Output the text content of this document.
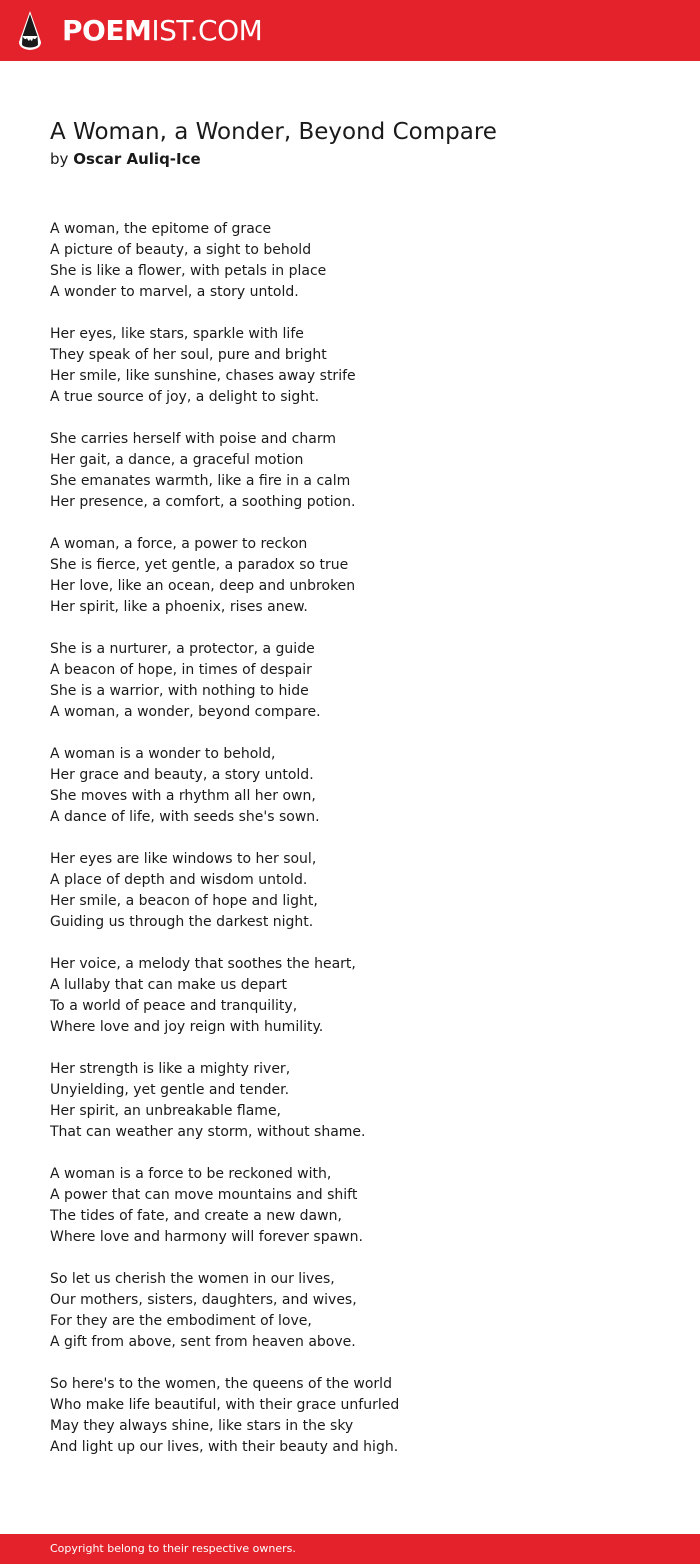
POEMIST.COM
A Woman, a Wonder, Beyond Compare
by Oscar Auliq-Ice
A woman, the epitome of grace
A picture of beauty, a sight to behold
She is like a flower, with petals in place
A wonder to marvel, a story untold.
Her eyes, like stars, sparkle with life
They speak of her soul, pure and bright
Her smile, like sunshine, chases away strife
A true source of joy, a delight to sight.
She carries herself with poise and charm
Her gait, a dance, a graceful motion
She emanates warmth, like a fire in a calm
Her presence, a comfort, a soothing potion.
A woman, a force, a power to reckon
She is fierce, yet gentle, a paradox so true
Her love, like an ocean, deep and unbroken
Her spirit, like a phoenix, rises anew.
She is a nurturer, a protector, a guide
A beacon of hope, in times of despair
She is a warrior, with nothing to hide
A woman, a wonder, beyond compare.
A woman is a wonder to behold,
Her grace and beauty, a story untold.
She moves with a rhythm all her own,
A dance of life, with seeds she's sown.
Her eyes are like windows to her soul,
A place of depth and wisdom untold.
Her smile, a beacon of hope and light,
Guiding us through the darkest night.
Her voice, a melody that soothes the heart,
A lullaby that can make us depart
To a world of peace and tranquility,
Where love and joy reign with humility.
Her strength is like a mighty river,
Unyielding, yet gentle and tender.
Her spirit, an unbreakable flame,
That can weather any storm, without shame.
A woman is a force to be reckoned with,
A power that can move mountains and shift
The tides of fate, and create a new dawn,
Where love and harmony will forever spawn.
So let us cherish the women in our lives,
Our mothers, sisters, daughters, and wives,
For they are the embodiment of love,
A gift from above, sent from heaven above.
So here's to the women, the queens of the world
Who make life beautiful, with their grace unfurled
May they always shine, like stars in the sky
And light up our lives, with their beauty and high.
Copyright belong to their respective owners.
